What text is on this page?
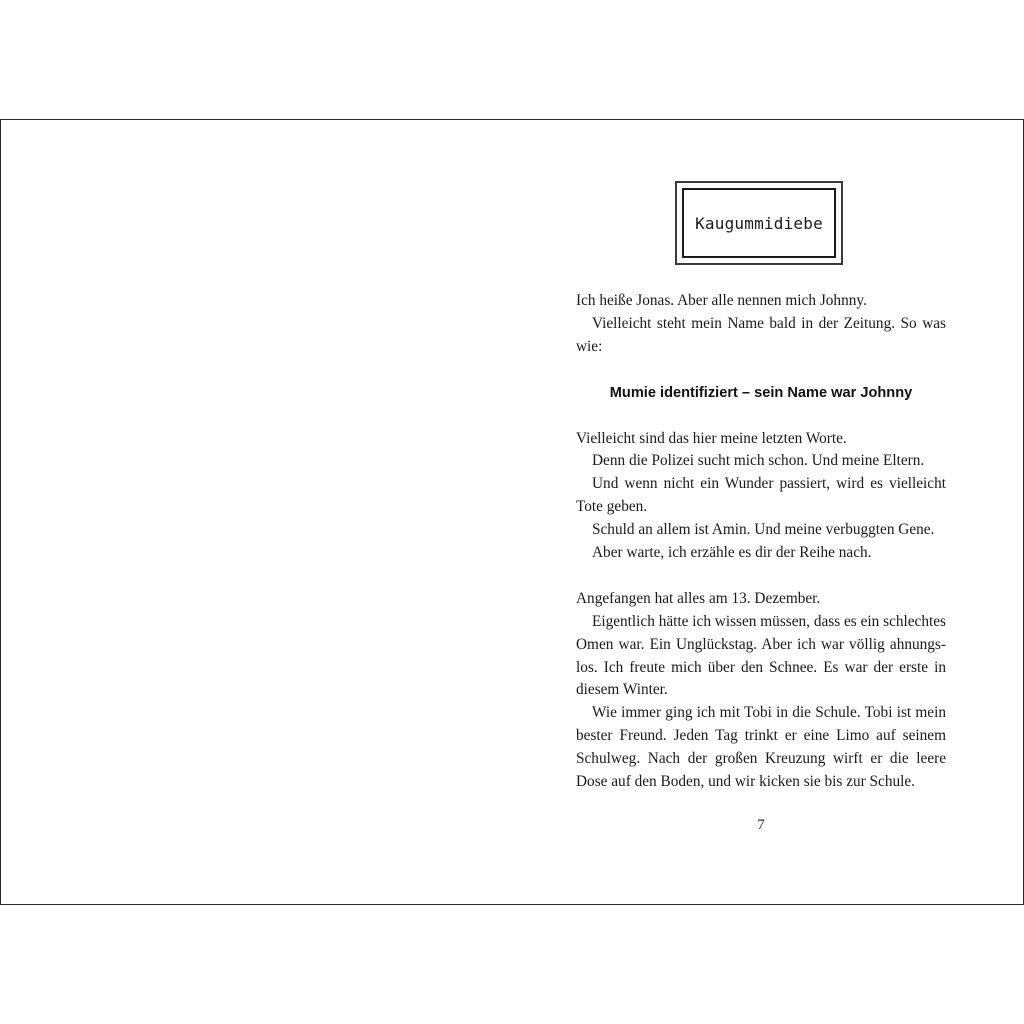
Kaugummidiebe

Ich heiße Jonas. Aber alle nennen mich Johnny.

Vielleicht steht mein Name bald in der Zeitung. So was wie:

Mumie identifiziert – sein Name war Johnny

Vielleicht sind das hier meine letzten Worte.

Denn die Polizei sucht mich schon. Und meine Eltern.

Und wenn nicht ein Wunder passiert, wird es vielleicht Tote geben.

Schuld an allem ist Amin. Und meine verbuggten Gene.

Aber warte, ich erzähle es dir der Reihe nach.

Angefangen hat alles am 13. Dezember.

Eigentlich hätte ich wissen müssen, dass es ein schlechtes Omen war. Ein Unglückstag. Aber ich war völlig ahnungslos. Ich freute mich über den Schnee. Es war der erste in diesem Winter.

Wie immer ging ich mit Tobi in die Schule. Tobi ist mein bester Freund. Jeden Tag trinkt er eine Limo auf seinem Schulweg. Nach der großen Kreuzung wirft er die leere Dose auf den Boden, und wir kicken sie bis zur Schule.

7
